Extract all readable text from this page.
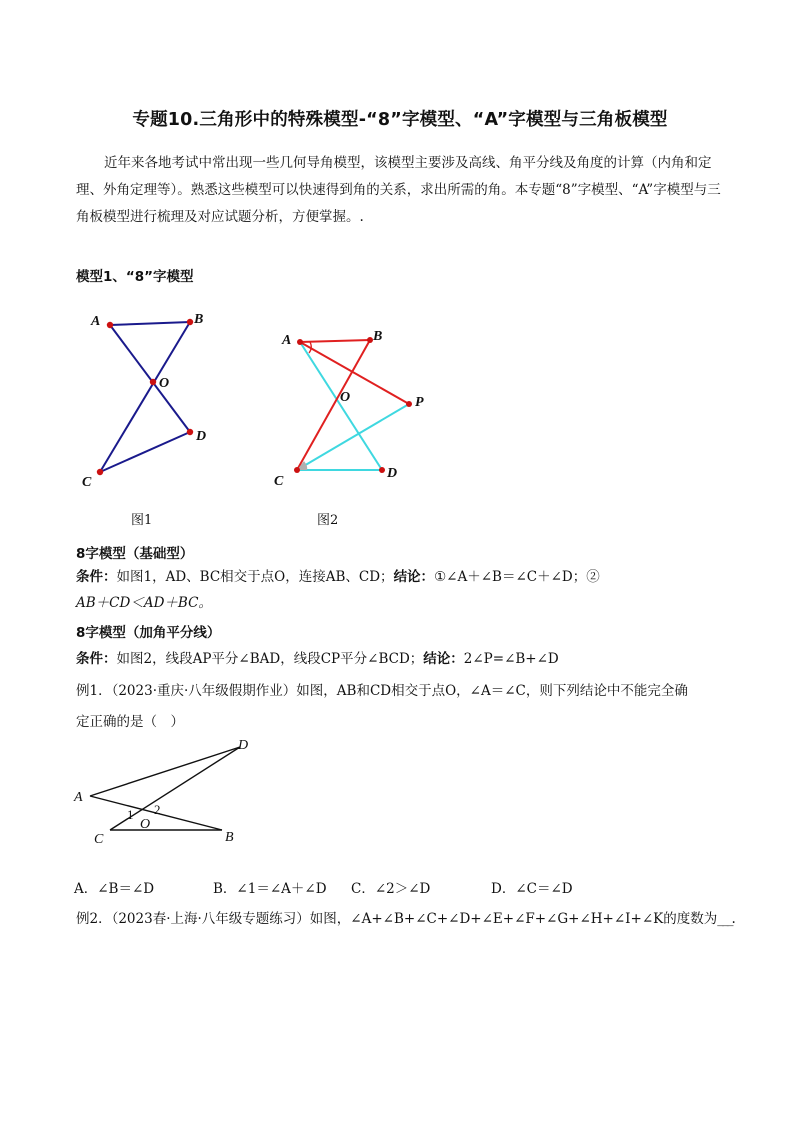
专题10.三角形中的特殊模型-“8”字模型、“A”字模型与三角板模型
近年来各地考试中常出现一些几何导角模型，该模型主要涉及高线、角平分线及角度的计算（内角和定理、外角定理等）。熟悉这些模型可以快速得到角的关系，求出所需的角。本专题“8”字模型、“A”字模型与三角板模型进行梳理及对应试题分析，方便掌握。.
模型1、“8”字模型
A	B
O
D
C
图1
A	B
O	P
C
D
图2
8字模型（基础型）
条件：如图1，AD、BC相交于点O，连接AB、CD；结论：①∠A＋∠B＝∠C＋∠D；②
AB＋CD＜AD＋BC。
8字模型（加角平分线）
条件：如图2，线段AP平分∠BAD，线段CP平分∠BCD；结论：2∠P=∠B+∠D
例1．（2023·重庆·八年级假期作业）如图，AB和CD相交于点O，∠A＝∠C，则下列结论中不能完全确
定正确的是（　）
D
A
C	B
O
1 2
A．∠B＝∠D	B．∠1＝∠A＋∠D C．∠2＞∠D	D．∠C＝∠D
例2．（2023春·上海·八年级专题练习）如图，∠A+∠B+∠C+∠D+∠E+∠F+∠G+∠H+∠I+∠K的度数为___.
